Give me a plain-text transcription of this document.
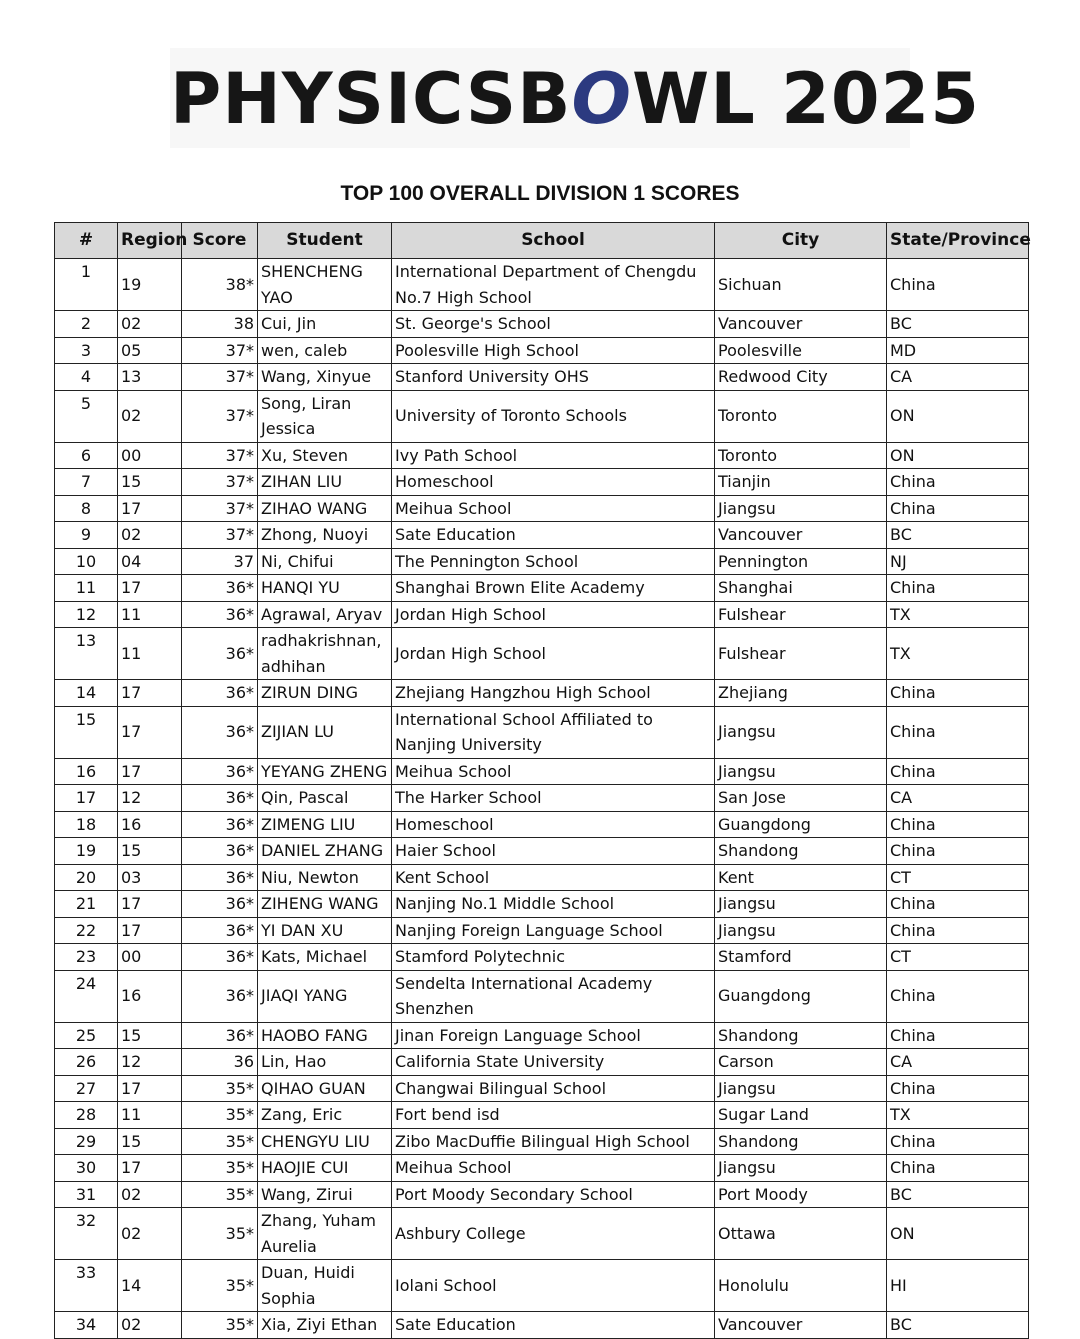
PHYSICSBOWL 2025
TOP 100 OVERALL DIVISION 1 SCORES
#	Region	Score	Student	School	City	State/Province
1	19	38*	SHENCHENG YAO	International Department of Chengdu No.7 High School	Sichuan	China
2	02	38	Cui, Jin	St. George's School	Vancouver	BC
3	05	37*	wen, caleb	Poolesville High School	Poolesville	MD
4	13	37*	Wang, Xinyue	Stanford University OHS	Redwood City	CA
5	02	37*	Song, Liran Jessica	University of Toronto Schools	Toronto	ON
6	00	37*	Xu, Steven	Ivy Path School	Toronto	ON
7	15	37*	ZIHAN LIU	Homeschool	Tianjin	China
8	17	37*	ZIHAO WANG	Meihua School	Jiangsu	China
9	02	37*	Zhong, Nuoyi	Sate Education	Vancouver	BC
10	04	37	Ni, Chifui	The Pennington School	Pennington	NJ
11	17	36*	HANQI YU	Shanghai Brown Elite Academy	Shanghai	China
12	11	36*	Agrawal, Aryav	Jordan High School	Fulshear	TX
13	11	36*	radhakrishnan, adhihan	Jordan High School	Fulshear	TX
14	17	36*	ZIRUN DING	Zhejiang Hangzhou High School	Zhejiang	China
15	17	36*	ZIJIAN LU	International School Affiliated to Nanjing University	Jiangsu	China
16	17	36*	YEYANG ZHENG	Meihua School	Jiangsu	China
17	12	36*	Qin, Pascal	The Harker School	San Jose	CA
18	16	36*	ZIMENG LIU	Homeschool	Guangdong	China
19	15	36*	DANIEL ZHANG	Haier School	Shandong	China
20	03	36*	Niu, Newton	Kent School	Kent	CT
21	17	36*	ZIHENG WANG	Nanjing No.1 Middle School	Jiangsu	China
22	17	36*	YI DAN XU	Nanjing Foreign Language School	Jiangsu	China
23	00	36*	Kats, Michael	Stamford Polytechnic	Stamford	CT
24	16	36*	JIAQI YANG	Sendelta International Academy Shenzhen	Guangdong	China
25	15	36*	HAOBO FANG	Jinan Foreign Language School	Shandong	China
26	12	36	Lin, Hao	California State University	Carson	CA
27	17	35*	QIHAO GUAN	Changwai Bilingual School	Jiangsu	China
28	11	35*	Zang, Eric	Fort bend isd	Sugar Land	TX
29	15	35*	CHENGYU LIU	Zibo MacDuffie Bilingual High School	Shandong	China
30	17	35*	HAOJIE CUI	Meihua School	Jiangsu	China
31	02	35*	Wang, Zirui	Port Moody Secondary School	Port Moody	BC
32	02	35*	Zhang, Yuham Aurelia	Ashbury College	Ottawa	ON
33	14	35*	Duan, Huidi Sophia	Iolani School	Honolulu	HI
34	02	35*	Xia, Ziyi Ethan	Sate Education	Vancouver	BC
